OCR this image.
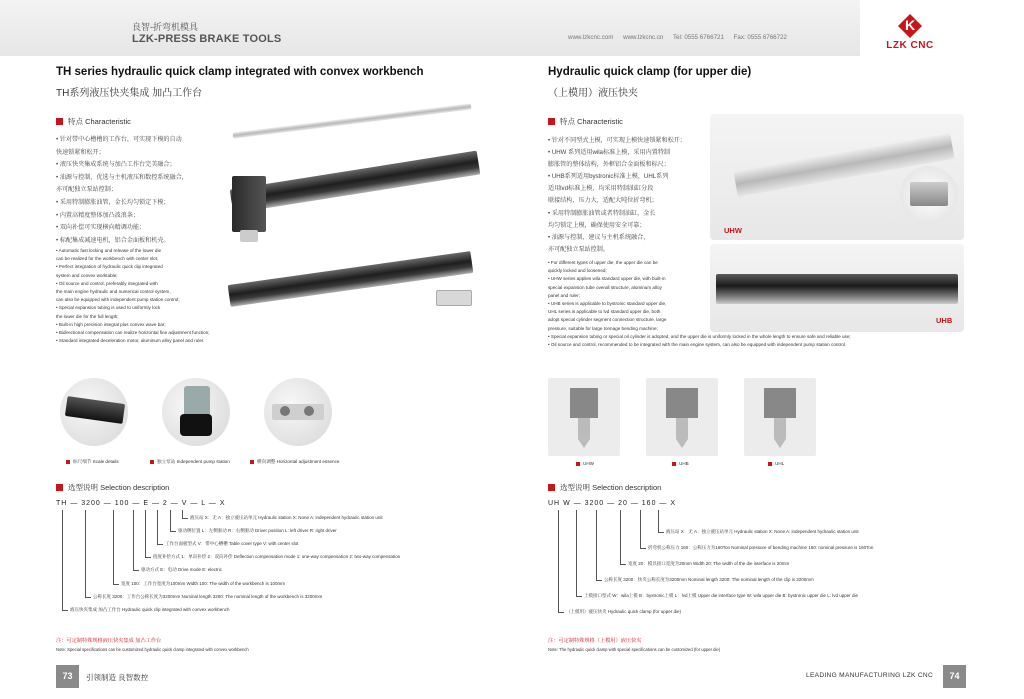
良智-折弯机模具
LZK-PRESS BRAKE TOOLS	www.lzkcnc.com www.lzkcnc.cn Tel: 0555 6766721 Fax: 0555 6766722
K
LZK CNC
TH series hydraulic quick clamp integrated with convex workbench
TH系列液压快夹集成 加凸工作台
特点 Characteristic
• 针对带中心槽槽的工作台，可实现下模的自动
快速锁紧和松开；
• 液压快夹集成系统与加凸工作台完美融合；
• 油源与控制，优选与主机液压和数控系统融合，
亦可配独立泵站控制；
• 采用特制膨胀油管，金长均匀锁定下模；
• 内置高精度整体加凸波浪条；
• 双向补偿可实现横向精调功能；
• 标配集成减速电机，铝合金面板和机壳。
• Automatic fast locking and release of the lower die
can be realized for the workbench with center slot;
• Perfect integration of hydraulic quick clip integrated
system and convex worktable;
• Oil source and control, preferably integrated with
the main engine hydraulic and numerical control system,
can also be equipped with independent pump station control;
• Special expansion tubing is used to uniformly lock
the lower die for the full length;
• Built-in high precision integral plus convex wave bar;
• Bidirectional compensation can realize horizontal fine adjustment function;
• Standard integrated deceleration motor, aluminum alloy panel and ruler.
标尺细节 Scale details	独立泵站 Independent pump station	横向调整 Horizontal adjustment essence
选型说明 Selection description
TH — 3200 — 100 — E — 2 — V — L — X
液压站 X：无 A：独立液压站单元 Hydraulic station X: None A: independent hydraulic station unit
驱动侧位置 L：左侧驱动 R：右侧驱动 Driver position L: left driver R: right driver
工作台面板型式 V：带中心槽槽 Table cover type V: with center slot
挠度补偿方式 1：单向补偿 2：双向补偿 Deflection compensation mode 1: one-way compensation 2: two-way compensation
驱动方式 E：电动 Drive mode E: electric
宽度 100：工作台宽度为100mm Width 100: The width of the workbench is 100mm
公称长度 3200：工作台公称长度为3200mm Nominal length 3200: The nominal length of the workbench is 3200mm
液压快夹集成 加凸工作台 Hydraulic quick clip integrated with convex workbench
注：可定制特殊规格液压快夹集成 加凸工作台
Note: Special specifications can be customized hydraulic quick clamp integrated with convex workbench
Hydraulic quick clamp (for upper die)
（上模用）液压快夹
特点 Characteristic
• 针对不同型式上模，可实现上模快速锁紧和松开；
• UHW 系列适用wila标准上模，采用内置特制
膨胀管的整体结构，外框铝合金面板和标尺；
• UHB系列适用bystronic标准上模，UHL系列
适用lvd标准上模，均采用特制油缸分段
联接结构，压力大，适配大吨位折弯机；
• 采用特制膨胀油管或者特制油缸，金长
均匀锁定上模，确保使用安全可靠；
• 油源与控制，建议与主机系统融合，
亦可配独立泵站控制。
• For different types of upper die, the upper die can be
quickly locked and loosened;
• UHW series applies wila standard upper die, with built-in
special expansion tube overall structure, aluminum alloy
panel and ruler;
• UHB series is applicable to bystronic standard upper die,
UHL series is applicable to lvd standard upper die, both
adopt special cylinder segment connection structure, large
pressure, suitable for large tonnage bending machine;
• Special expansion tubing or special oil cylinder is adopted, and the upper die is uniformly locked in the whole length to ensure safe and reliable use;
• Oil source and control, recommended to be integrated with the main engine system, can also be equipped with independent pump station control.
UHW
UHB
UHW	UHB	UHL
选型说明 Selection description
UH W — 3200 — 20 — 160 — X
液压站 X：无 A：独立液压站单元 Hydraulic station X: None A: independent hydraulic station unit
折弯机公称压力 160：公称压力为160Ton Nominal pressure of bending machine 160: nominal pressure is 160Ton
宽度 20：模具接口宽度为20mm Width 20: The width of the die interface is 20mm
公称长度 3200：快夹公称长度为3200mm Nominal length 3200: The nominal length of the clip is 3200mm
上模接口型式 W：wila上模 B：bystronic上模 L：lvd上模 Upper die interface type W: wila upper die B: bystronic upper die L: lvd upper die
（上模用）液压快夹 Hydraulic quick clamp (for upper die)
注：可定制特殊规格（上模用）液压快夹
Note: The hydraulic quick clamp with special specifications can be customized (for upper die)
73	引领制造 良智数控	LEADING MANUFACTURING LZK CNC	74
